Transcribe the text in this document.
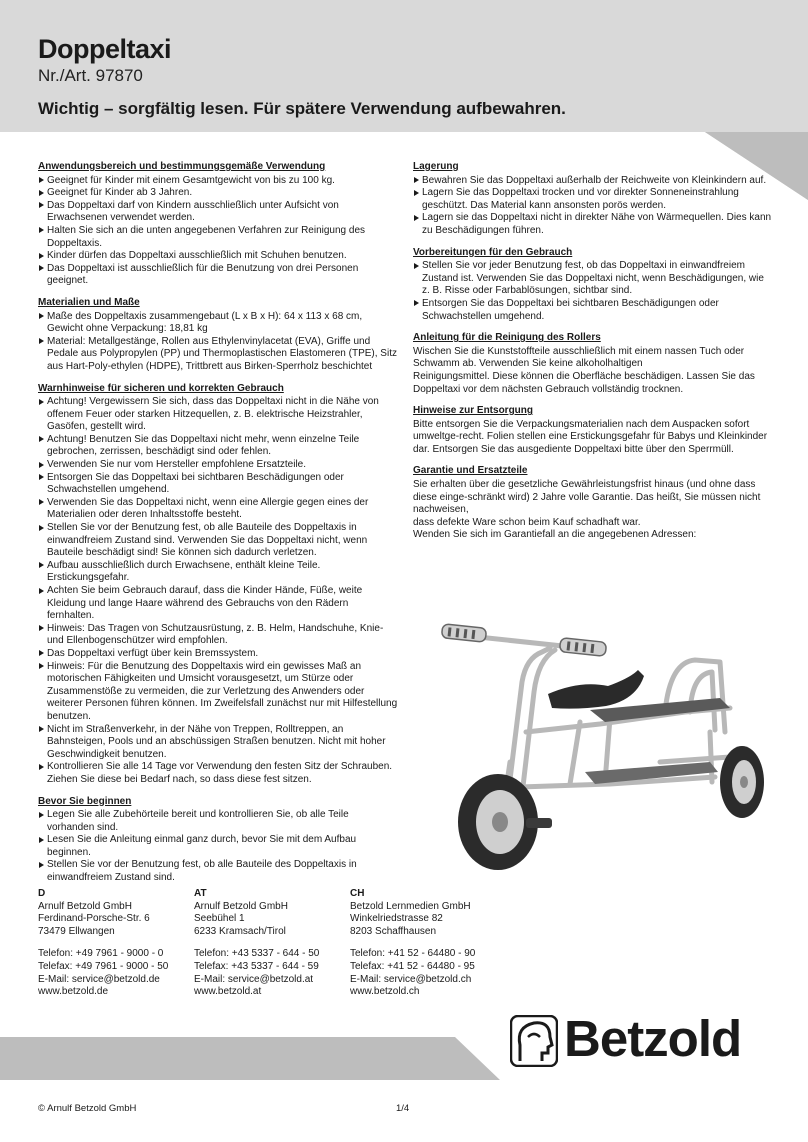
Doppeltaxi
Nr./Art. 97870
Wichtig – sorgfältig lesen. Für spätere Verwendung aufbewahren.
Anwendungsbereich und bestimmungsgemäße Verwendung
Geeignet für Kinder mit einem Gesamtgewicht von bis zu 100 kg.
Geeignet für Kinder ab 3 Jahren.
Das Doppeltaxi darf von Kindern ausschließlich unter Aufsicht von Erwachsenen verwendet werden.
Halten Sie sich an die unten angegebenen Verfahren zur Reinigung des Doppeltaxis.
Kinder dürfen das Doppeltaxi ausschließlich mit Schuhen benutzen.
Das Doppeltaxi ist ausschließlich für die Benutzung von drei Personen geeignet.
Materialien und Maße
Maße des Doppeltaxis zusammengebaut (L x B x H): 64 x 113 x 68 cm,
Gewicht ohne Verpackung: 18,81 kg
Material: Metallgestänge, Rollen aus Ethylenvinylacetat (EVA), Griffe und Pedale aus Polypropylen (PP) und Thermoplastischen Elastomeren (TPE), Sitz aus Hart-Poly-ethylen (HDPE), Trittbrett aus Birken-Sperrholz beschichtet
Warnhinweise für sicheren und korrekten Gebrauch
Achtung! Vergewissern Sie sich, dass das Doppeltaxi nicht in die Nähe von offenem Feuer oder starken Hitzequellen, z. B. elektrische Heizstrahler, Gasöfen, gestellt wird.
Achtung! Benutzen Sie das Doppeltaxi nicht mehr, wenn einzelne Teile gebrochen, zerrissen, beschädigt sind oder fehlen.
Verwenden Sie nur vom Hersteller empfohlene Ersatzteile.
Entsorgen Sie das Doppeltaxi bei sichtbaren Beschädigungen oder Schwachstellen umgehend.
Verwenden Sie das Doppeltaxi nicht, wenn eine Allergie gegen eines der Materialien oder deren Inhaltsstoffe besteht.
Stellen Sie vor der Benutzung fest, ob alle Bauteile des Doppeltaxis in einwandfreiem Zustand sind. Verwenden Sie das Doppeltaxi nicht, wenn Bauteile beschädigt sind! Sie können sich dadurch verletzen.
Aufbau ausschließlich durch Erwachsene, enthält kleine Teile. Erstickungsgefahr.
Achten Sie beim Gebrauch darauf, dass die Kinder Hände, Füße, weite Kleidung und lange Haare während des Gebrauchs von den Rädern fernhalten.
Hinweis: Das Tragen von Schutzausrüstung, z. B. Helm, Handschuhe, Knie- und Ellenbogenschützer wird empfohlen.
Das Doppeltaxi verfügt über kein Bremssystem.
Hinweis: Für die Benutzung des Doppeltaxis wird ein gewisses Maß an motorischen Fähigkeiten und Umsicht vorausgesetzt, um Stürze oder Zusammenstöße zu vermeiden, die zur Verletzung des Anwenders oder weiterer Personen führen können. Im Zweifelsfall zunächst nur mit Hilfestellung benutzen.
Nicht im Straßenverkehr, in der Nähe von Treppen, Rolltreppen, an Bahnsteigen, Pools und an abschüssigen Straßen benutzen. Nicht mit hoher Geschwindigkeit benutzen.
Kontrollieren Sie alle 14 Tage vor Verwendung den festen Sitz der Schrauben. Ziehen Sie diese bei Bedarf nach, so dass diese fest sitzen.
Bevor Sie beginnen
Legen Sie alle Zubehörteile bereit und kontrollieren Sie, ob alle Teile vorhanden sind.
Lesen Sie die Anleitung einmal ganz durch, bevor Sie mit dem Aufbau beginnen.
Stellen Sie vor der Benutzung fest, ob alle Bauteile des Doppeltaxis in einwandfreiem Zustand sind.
Lagerung
Bewahren Sie das Doppeltaxi außerhalb der Reichweite von Kleinkindern auf.
Lagern Sie das Doppeltaxi trocken und vor direkter Sonneneinstrahlung geschützt. Das Material kann ansonsten porös werden.
Lagern sie das Doppeltaxi nicht in direkter Nähe von Wärmequellen. Dies kann zu Beschädigungen führen.
Vorbereitungen für den Gebrauch
Stellen Sie vor jeder Benutzung fest, ob das Doppeltaxi in einwandfreiem Zustand ist. Verwenden Sie das Doppeltaxi nicht, wenn Beschädigungen, wie z. B. Risse oder Farbablösungen, sichtbar sind.
Entsorgen Sie das Doppeltaxi bei sichtbaren Beschädigungen oder Schwachstellen umgehend.
Anleitung für die Reinigung des Rollers
Wischen Sie die Kunststoffteile ausschließlich mit einem nassen Tuch oder Schwamm ab. Verwenden Sie keine alkoholhaltigen
Reinigungsmittel. Diese können die Oberfläche beschädigen. Lassen Sie das Doppeltaxi vor dem nächsten Gebrauch vollständig trocknen.
Hinweise zur Entsorgung
Bitte entsorgen Sie die Verpackungsmaterialien nach dem Auspacken sofort umweltge-recht. Folien stellen eine Erstickungsgefahr für Babys und Kleinkinder dar. Entsorgen Sie das ausgediente Doppeltaxi bitte über den Sperrmüll.
Garantie und Ersatzteile
Sie erhalten über die gesetzliche Gewährleistungsfrist hinaus (und ohne dass diese einge-schränkt wird) 2 Jahre volle Garantie. Das heißt, Sie müssen nicht nachweisen,
dass defekte Ware schon beim Kauf schadhaft war.
Wenden Sie sich im Garantiefall an die angegebenen Adressen:
D
Arnulf Betzold GmbH
Ferdinand-Porsche-Str. 6
73479 Ellwangen
Telefon: +49 7961 - 9000 - 0
Telefax: +49 7961 - 9000 - 50
E-Mail: service@betzold.de
www.betzold.de
AT
Arnulf Betzold GmbH
Seebühel 1
6233 Kramsach/Tirol
Telefon: +43 5337 - 644 - 50
Telefax: +43 5337 - 644 - 59
E-Mail: service@betzold.at
www.betzold.at
CH
Betzold Lernmedien GmbH
Winkelriedstrasse 82
8203 Schaffhausen
Telefon: +41 52 - 64480 - 90
Telefax: +41 52 - 64480 - 95
E-Mail: service@betzold.ch
www.betzold.ch
Betzold
© Arnulf Betzold GmbH	1/4
